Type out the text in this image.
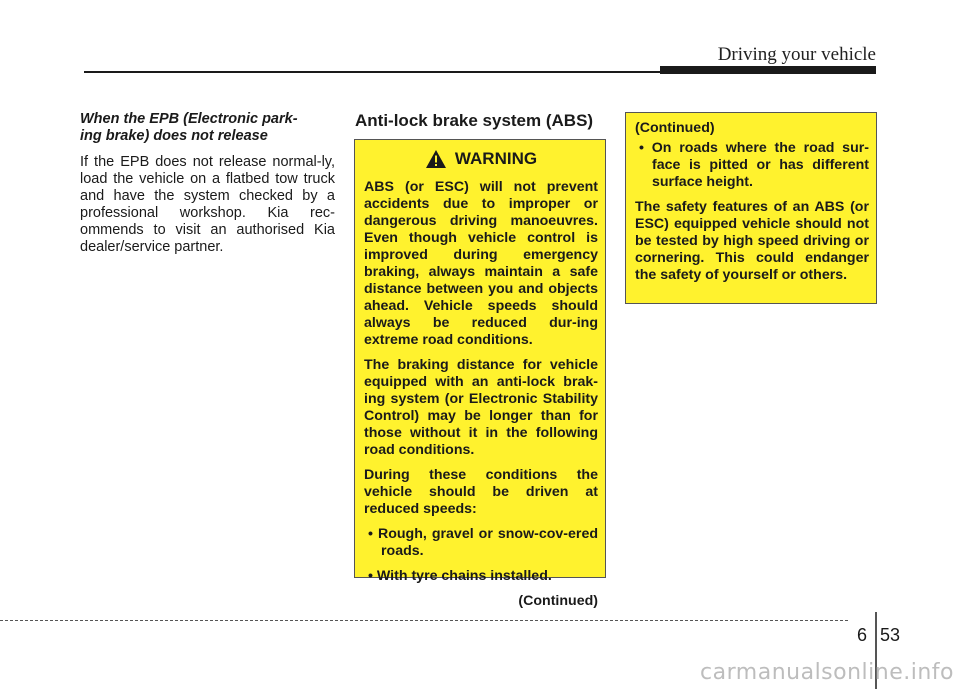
Driving your vehicle

When the EPB (Electronic park-
ing brake) does not release

If the EPB does not release normal-ly, load the vehicle on a flatbed tow truck and have the system checked by a professional workshop. Kia rec-ommends to visit an authorised Kia dealer/service partner.

Anti-lock brake system (ABS)
WARNING

ABS (or ESC) will not prevent accidents due to improper or dangerous driving manoeuvres. Even though vehicle control is improved during emergency braking, always maintain a safe distance between you and objects ahead. Vehicle speeds should always be reduced dur-ing extreme road conditions.

The braking distance for vehicle equipped with an anti-lock brak-ing system (or Electronic Stability Control) may be longer than for those without it in the following road conditions.

During these conditions the vehicle should be driven at reduced speeds:

• Rough, gravel or snow-cov-ered roads.

• With tyre chains installed.

(Continued)

(Continued)

• On roads where the road sur-face is pitted or has different surface height.

The safety features of an ABS (or ESC) equipped vehicle should not be tested by high speed driving or cornering. This could endanger the safety of yourself or others.

6 53
carmanualsonline.info
